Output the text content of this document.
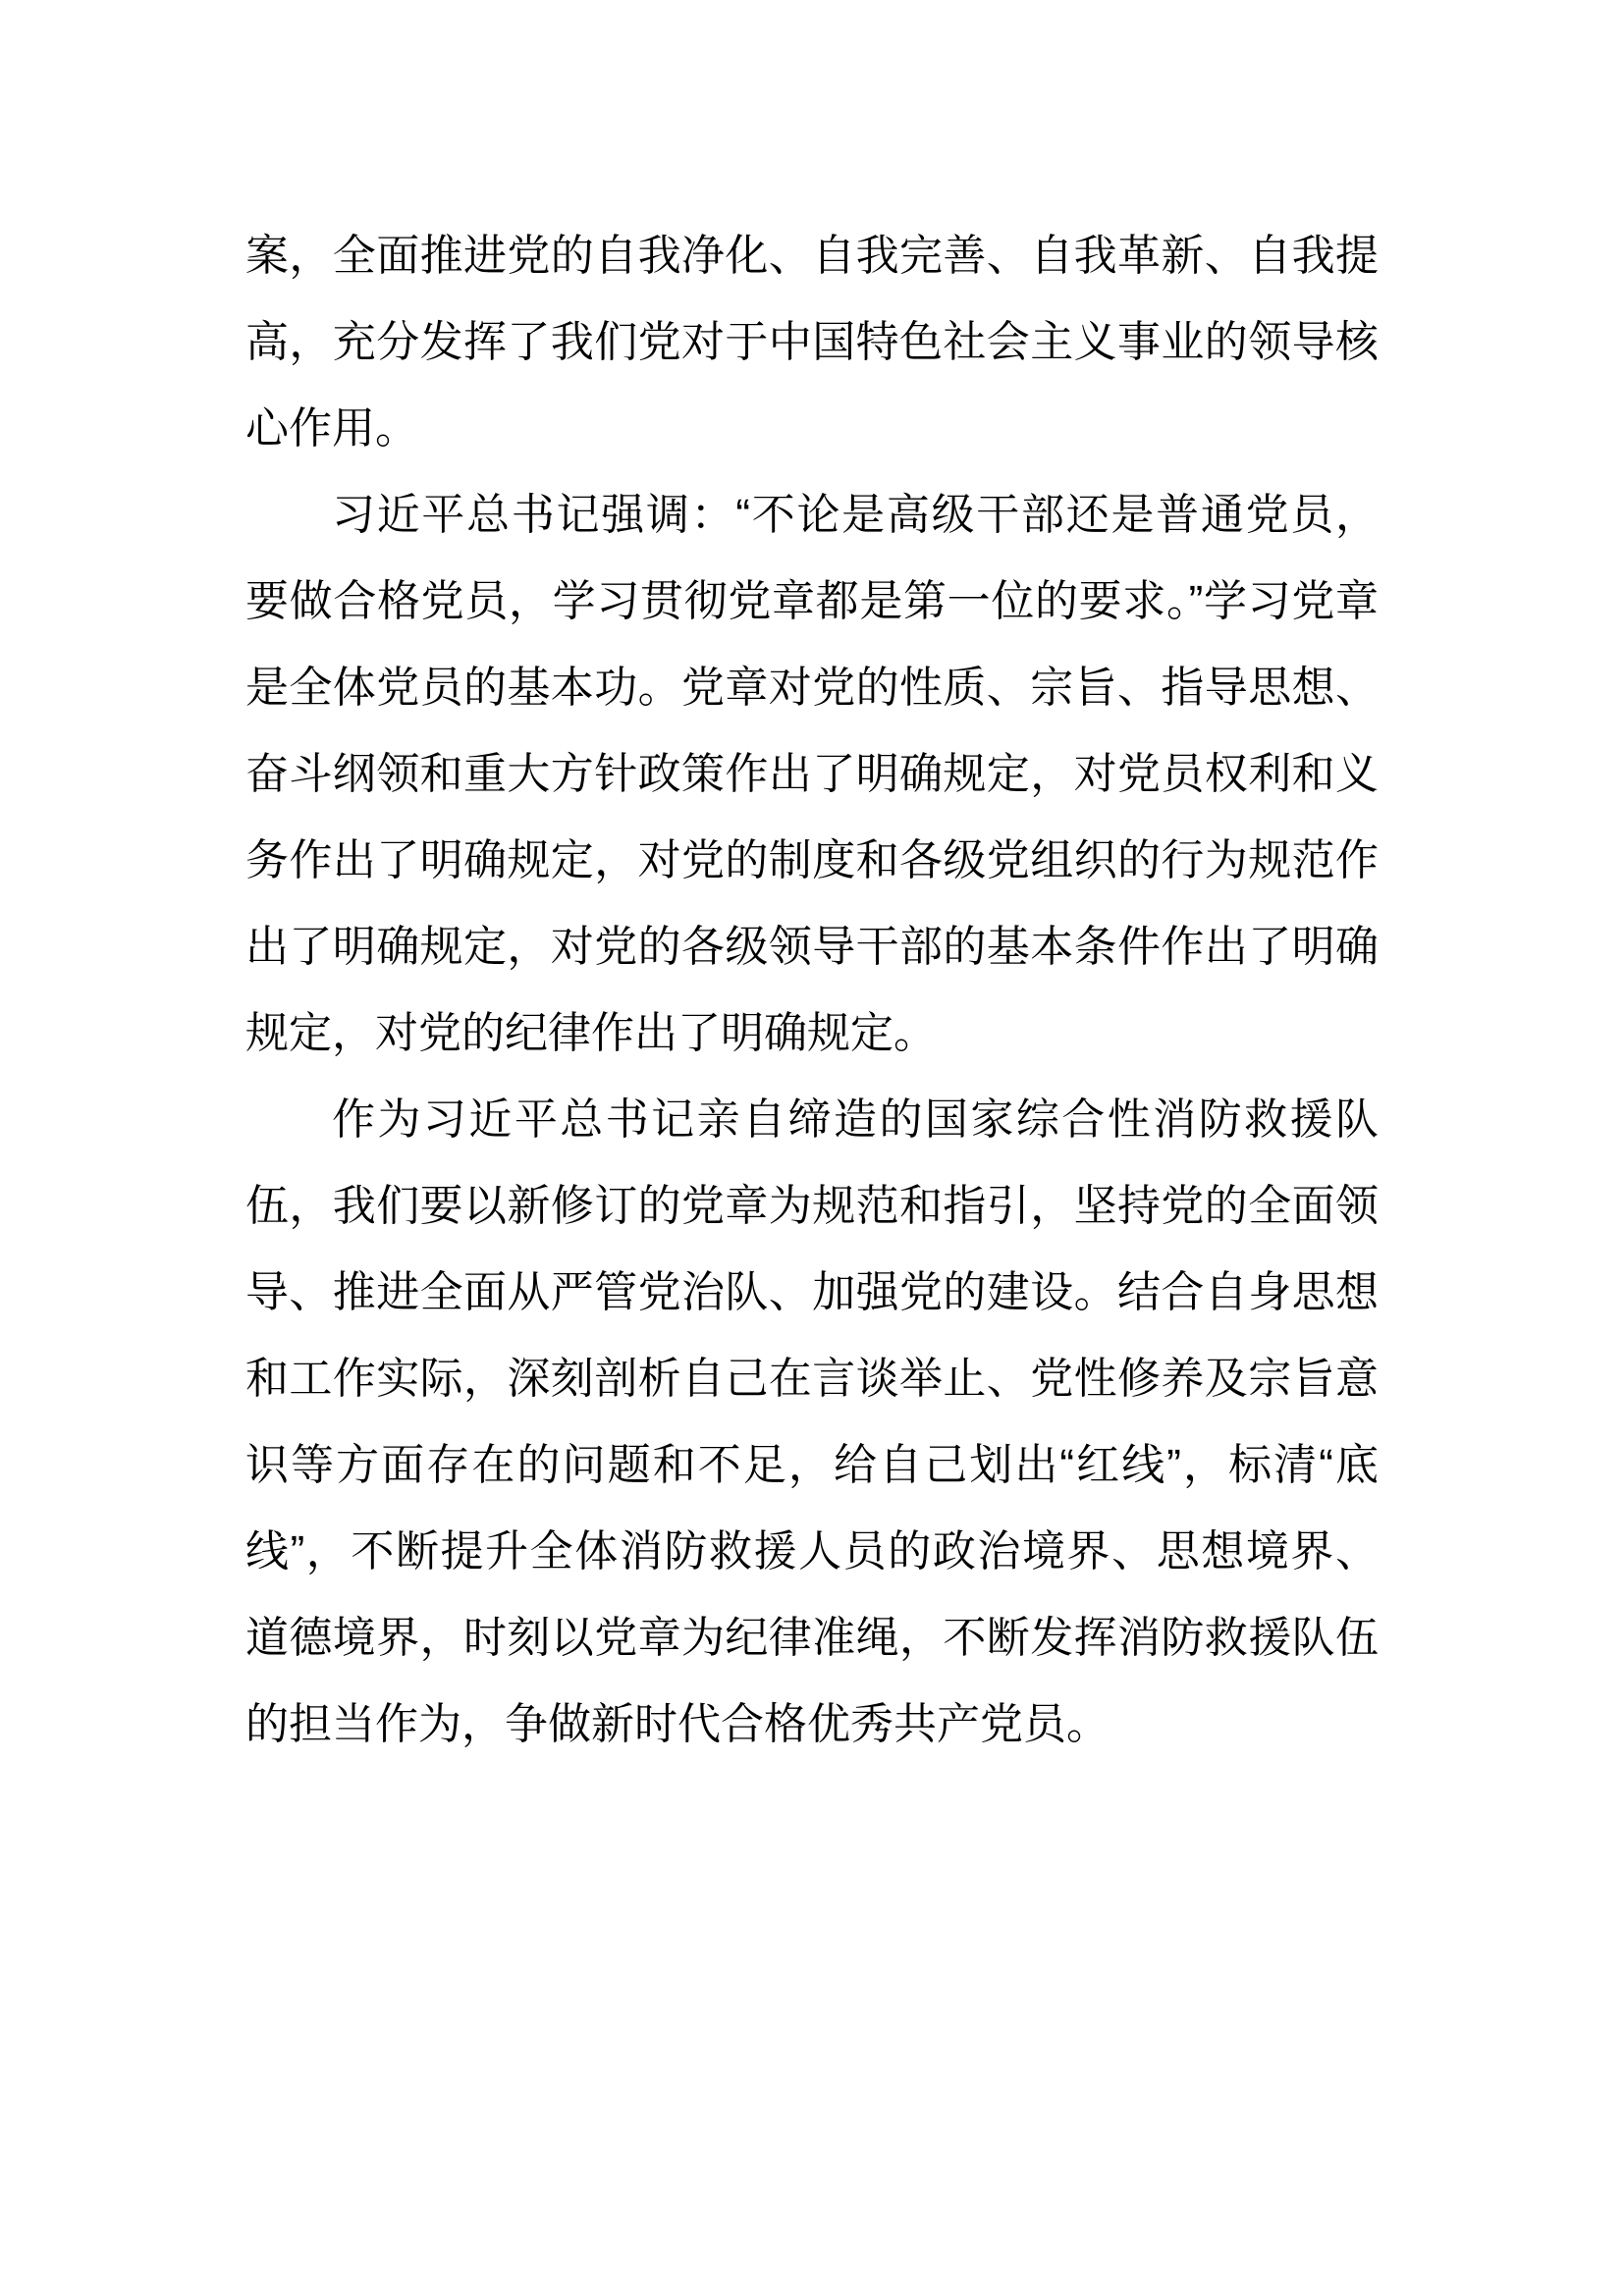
案，全面推进党的自我净化、自我完善、自我革新、自我提高，充分发挥了我们党对于中国特色社会主义事业的领导核心作用。

习近平总书记强调：“不论是高级干部还是普通党员，要做合格党员，学习贯彻党章都是第一位的要求。”学习党章是全体党员的基本功。党章对党的性质、宗旨、指导思想、奋斗纲领和重大方针政策作出了明确规定，对党员权利和义务作出了明确规定，对党的制度和各级党组织的行为规范作出了明确规定，对党的各级领导干部的基本条件作出了明确规定，对党的纪律作出了明确规定。

作为习近平总书记亲自缔造的国家综合性消防救援队伍，我们要以新修订的党章为规范和指引，坚持党的全面领导、推进全面从严管党治队、加强党的建设。结合自身思想和工作实际，深刻剖析自己在言谈举止、党性修养及宗旨意识等方面存在的问题和不足，给自己划出“红线”，标清“底线”，不断提升全体消防救援人员的政治境界、思想境界、道德境界，时刻以党章为纪律准绳，不断发挥消防救援队伍的担当作为，争做新时代合格优秀共产党员。
